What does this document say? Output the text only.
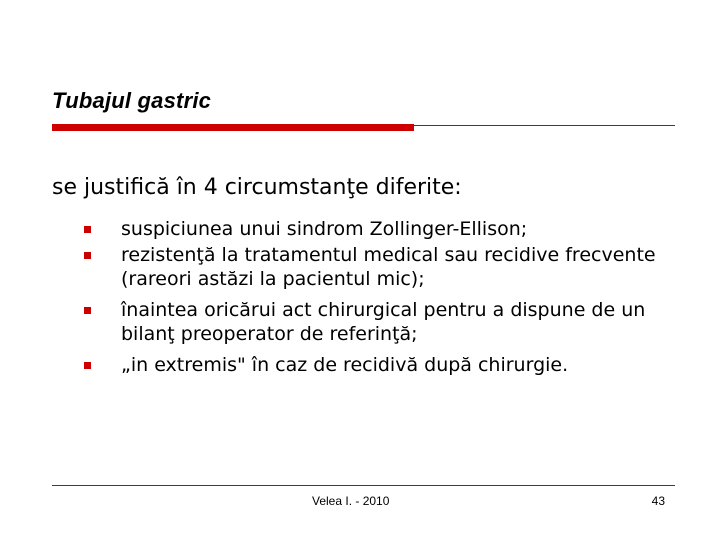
Tubajul gastric
se justifică în 4 circumstanţe diferite:
suspiciunea unui sindrom Zollinger-Ellison;
rezistenţă la tratamentul medical sau recidive frecvente (rareori astăzi la pacientul mic);
înaintea oricărui act chirurgical pentru a dispune de un bilanţ preoperator de referinţă;
„in extremis" în caz de recidivă după chirurgie.
Velea I. - 2010	43
